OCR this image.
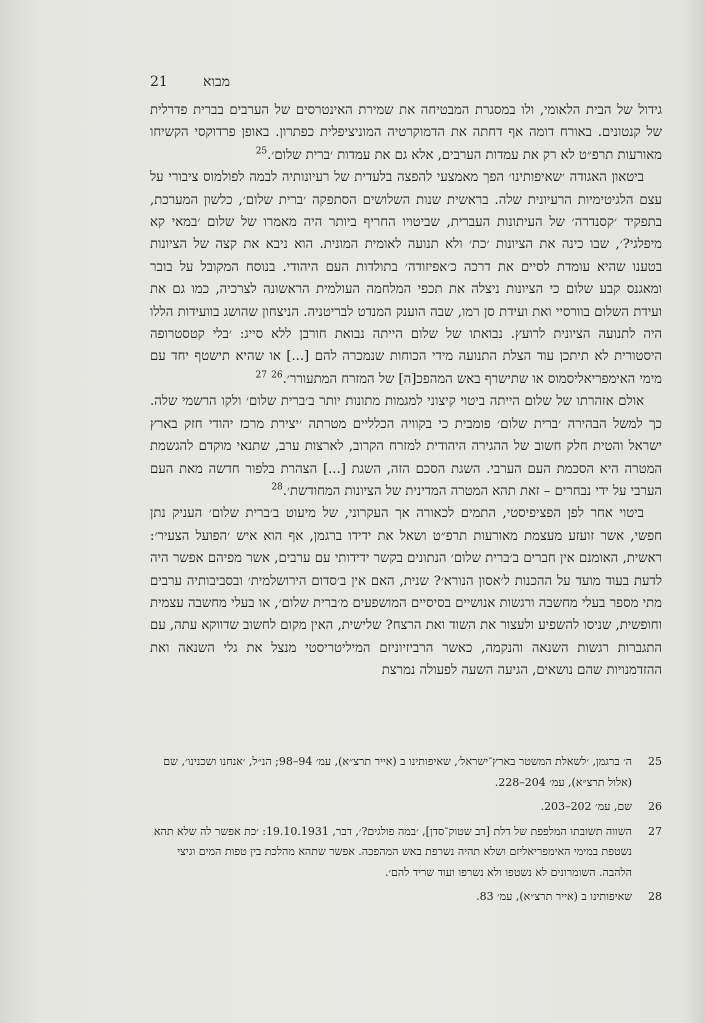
מבוא
21

גידול של הבית הלאומי, ולו במסגרת המבטיחה את שמירת האינטרסים של הערבים בברית פדרלית של קנטונים. באורח דומה אף דחתה את הדמוקרטיה המוניציפלית כפתרון. באופן פרדוקסי הקשיחו מאורעות תרפ״ט לא רק את עמדות הערבים, אלא גם את עמדות ׳ברית שלום׳.$^{25}$

ביטאון האגודה ׳שאיפותינו׳ הפך מאמצעי להפצה בלעדית של רעיונותיה לבמה לפולמוס ציבורי על עצם הלגיטימיות הרעיונית שלה. בראשית שנות השלושים הסתפקה ׳ברית שלום׳, כלשון המערכת, בתפקיד ׳קסנדרה׳ של העיתונות העברית, שביטויו החריף ביותר היה מאמרו של שלום ׳במאי קא מיפלגי?׳, שבו כינה את הציונות ׳כת׳ ולא תנועה לאומית המונית. הוא ניבא את קצה של הציונות בטענו שהיא עומדת לסיים את דרכה כ׳אפיזודה׳ בתולדות העם היהודי. בנוסח המקובל על בובר ומאגנס קבע שלום כי הציונות ניצלה את תכפי המלחמה העולמית הראשונה לצרכיה, כמו גם את ועידת השלום בוורסיי ואת ועידת סן רמו, שבה הוענק המנדט לבריטניה. הניצחון שהושג בוועידות הללו היה לתנועה הציונית לרועץ. נבואתו של שלום הייתה נבואת חורבן ללא סייג: ׳בלי קטסטרופה היסטורית לא תיתכן עוד הצלת התנועה מידי הכוחות שנמכרה להם [...] או שהיא תישטף יחד עם מימי האימפריאליסמוס או שתישרף באש המהפכ[ה] של המזרח המתעורר׳.$^{26}$ $^{27}$

אולם אזהרתו של שלום הייתה ביטוי קיצוני למגמות מתונות יותר ב׳ברית שלום׳ ולקו הרשמי שלה. כך למשל הבהירה ׳ברית שלום׳ פומבית כי בקוויה הכלליים מטרתה ׳יצירת מרכז יהודי חזק בארץ ישראל והטית חלק חשוב של ההגירה היהודית למזרח הקרוב, לארצות ערב, שתנאי מוקדם להגשמת המטרה היא הסכמת העם הערבי. השגת הסכם הזה, השגת [...] הצהרת בלפור חדשה מאת העם הערבי על ידי נבחרים – זאת תהא המטרה המדינית של הציונות המחודשת׳.$^{28}$

ביטוי אחר לפן הפציפיסטי, התמים לכאורה אך העקרוני, של מיעוט ב׳ברית שלום׳ העניק נתן חפשי, אשר זועזע מעצמת מאורעות תרפ״ט ושאל את ידידו ברגמן, אף הוא איש ׳הפועל הצעיר׳: ראשית, האומנם אין חברים ב׳ברית שלום׳ הנתונים בקשר ידידותי עם ערבים, אשר מפיהם אפשר היה לדעת בעוד מועד על ההכנות ל׳אסון הנורא׳? שנית, האם אין ב׳סדום הירושלמית׳ ובסביבותיה ערבים מתי מספר בעלי מחשבה ורגשות אנושיים בסיסיים המושפעים מ׳ברית שלום׳, או בעלי מחשבה עצמית וחופשית, שניסו להשפיע ולעצור את השוד ואת הרצח? שלישית, האין מקום לחשוב שדווקא עתה, עם התגברות רגשות השנאה והנקמה, כאשר הרביזיוניזם המיליטריסטי מנצל את גלי השנאה ואת ההזדמנויות שהם נושאים, הגיעה השעה לפעולה נמרצת

25
ה׳ ברגמן, ׳לשאלת המשטר בארץ־ישראל׳, שאיפותינו ב (אייר תרצ״א), עמ׳ 94–98; הנ״ל, ׳אנחנו ושכנינו׳, שם (אלול תרצ״א), עמ׳ 204–228.
26
שם, עמ׳ 202–203.
27
השווה תשובתו המלפפת של דלת [דב שטוק־סדן], ׳במה פולגים?׳, דבר, 19.10.1931: ׳כת אפשר לה שלא תהא נשטפת במימי האימפריאליזם ושלא תהיה נשרפת באש המהפכה. אפשר שתהא מהלכת בין טפות המים וגיצי הלהבה. השומרונים לא נשטפו ולא נשרפו ועוד שריד להם׳.
28
שאיפותינו ב (אייר תרצ״א), עמ׳ 83.
